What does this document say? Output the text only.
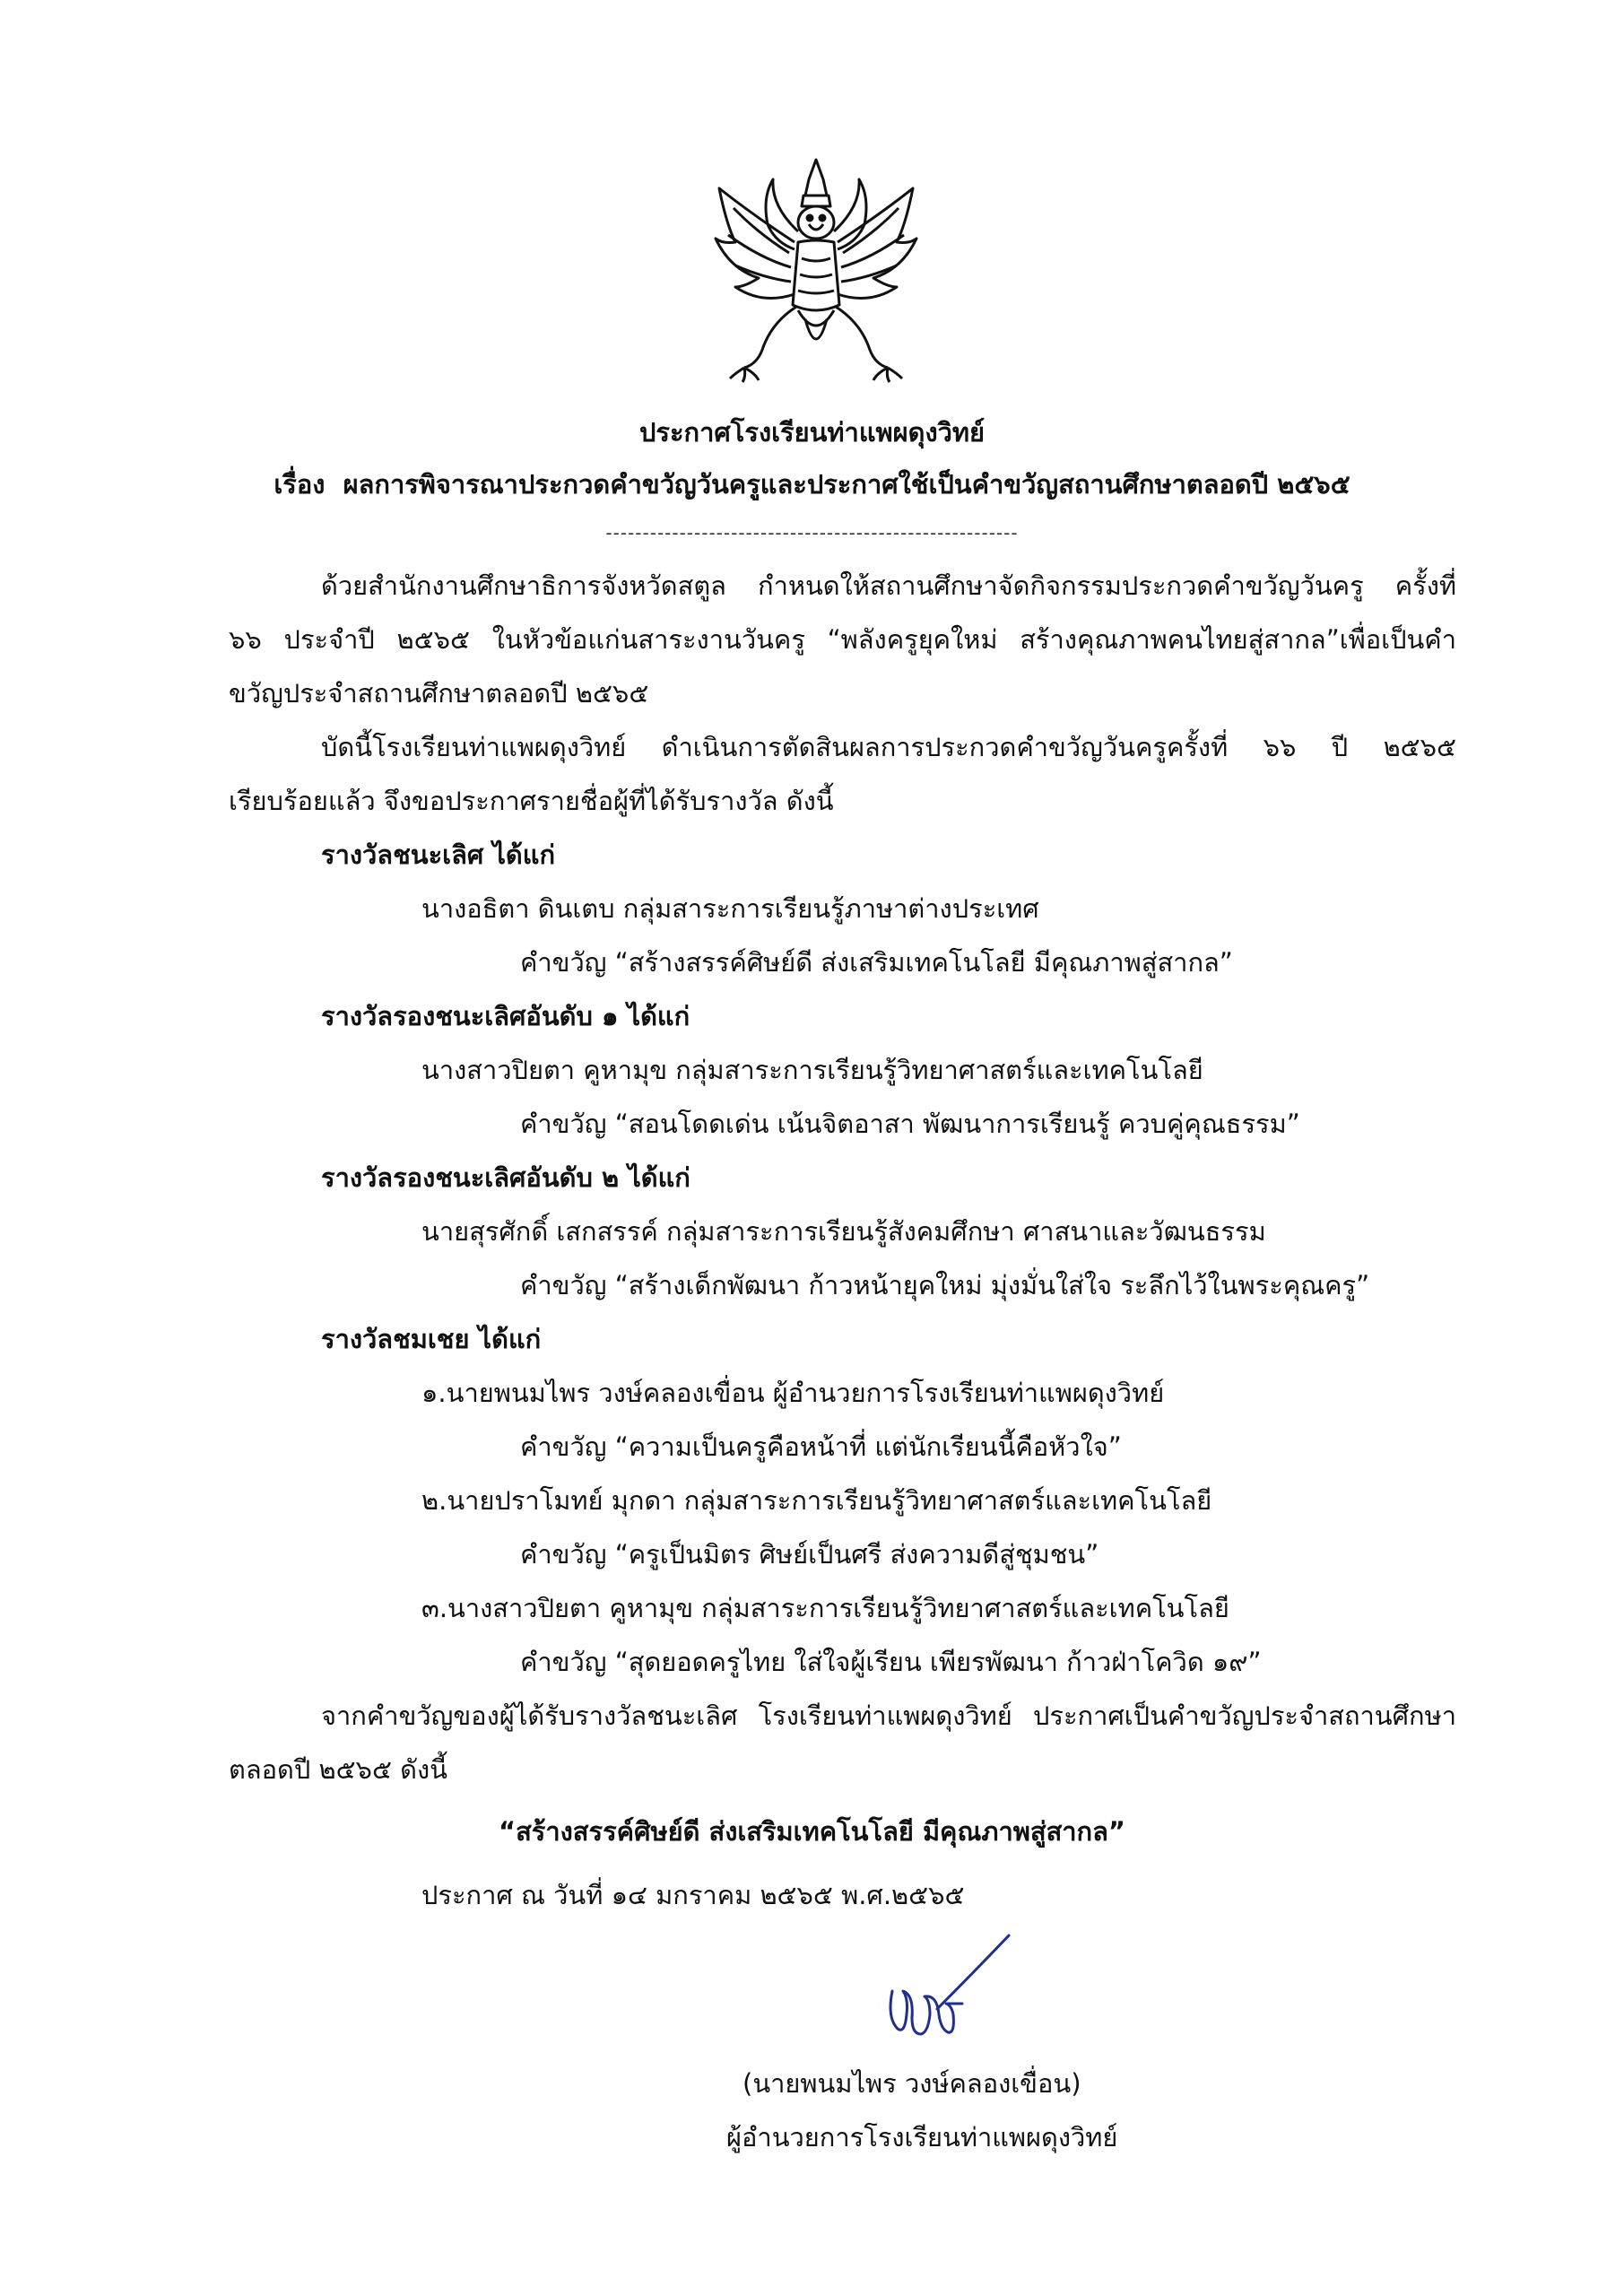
ประกาศโรงเรียนท่าแพผดุงวิทย์
เรื่อง ผลการพิจารณาประกวดคำขวัญวันครูและประกาศใช้เป็นคำขวัญสถานศึกษาตลอดปี ๒๕๖๕
--------------------------------------------------------
ด้วยสำนักงานศึกษาธิการจังหวัดสตูล กำหนดให้สถานศึกษาจัดกิจกรรมประกวดคำขวัญวันครู ครั้งที่
๖๖ ประจำปี ๒๕๖๕ ในหัวข้อแก่นสาระงานวันครู “พลังครูยุคใหม่ สร้างคุณภาพคนไทยสู่สากล”เพื่อเป็นคำ
ขวัญประจำสถานศึกษาตลอดปี ๒๕๖๕
บัดนี้โรงเรียนท่าแพผดุงวิทย์ ดำเนินการตัดสินผลการประกวดคำขวัญวันครูครั้งที่ ๖๖ ปี ๒๕๖๕
เรียบร้อยแล้ว จึงขอประกาศรายชื่อผู้ที่ได้รับรางวัล ดังนี้
รางวัลชนะเลิศ ได้แก่
นางอธิตา ดินเตบ กลุ่มสาระการเรียนรู้ภาษาต่างประเทศ
คำขวัญ “สร้างสรรค์ศิษย์ดี ส่งเสริมเทคโนโลยี มีคุณภาพสู่สากล”
รางวัลรองชนะเลิศอันดับ ๑ ได้แก่
นางสาวปิยตา คูหามุข กลุ่มสาระการเรียนรู้วิทยาศาสตร์และเทคโนโลยี
คำขวัญ “สอนโดดเด่น เน้นจิตอาสา พัฒนาการเรียนรู้ ควบคู่คุณธรรม”
รางวัลรองชนะเลิศอันดับ ๒ ได้แก่
นายสุรศักดิ์ เสกสรรค์ กลุ่มสาระการเรียนรู้สังคมศึกษา ศาสนาและวัฒนธรรม
คำขวัญ “สร้างเด็กพัฒนา ก้าวหน้ายุคใหม่ มุ่งมั่นใส่ใจ ระลึกไว้ในพระคุณครู”
รางวัลชมเชย ได้แก่
๑.นายพนมไพร วงษ์คลองเขื่อน ผู้อำนวยการโรงเรียนท่าแพผดุงวิทย์
คำขวัญ “ความเป็นครูคือหน้าที่ แต่นักเรียนนี้คือหัวใจ”
๒.นายปราโมทย์ มุกดา กลุ่มสาระการเรียนรู้วิทยาศาสตร์และเทคโนโลยี
คำขวัญ “ครูเป็นมิตร ศิษย์เป็นศรี ส่งความดีสู่ชุมชน”
๓.นางสาวปิยตา คูหามุข กลุ่มสาระการเรียนรู้วิทยาศาสตร์และเทคโนโลยี
คำขวัญ “สุดยอดครูไทย ใส่ใจผู้เรียน เพียรพัฒนา ก้าวฝ่าโควิด ๑๙”
จากคำขวัญของผู้ได้รับรางวัลชนะเลิศ โรงเรียนท่าแพผดุงวิทย์ ประกาศเป็นคำขวัญประจำสถานศึกษา
ตลอดปี ๒๕๖๕ ดังนี้
“สร้างสรรค์ศิษย์ดี ส่งเสริมเทคโนโลยี มีคุณภาพสู่สากล”
ประกาศ ณ วันที่ ๑๔ มกราคม ๒๕๖๕ พ.ศ.๒๕๖๕
(นายพนมไพร วงษ์คลองเขื่อน)
ผู้อำนวยการโรงเรียนท่าแพผดุงวิทย์
